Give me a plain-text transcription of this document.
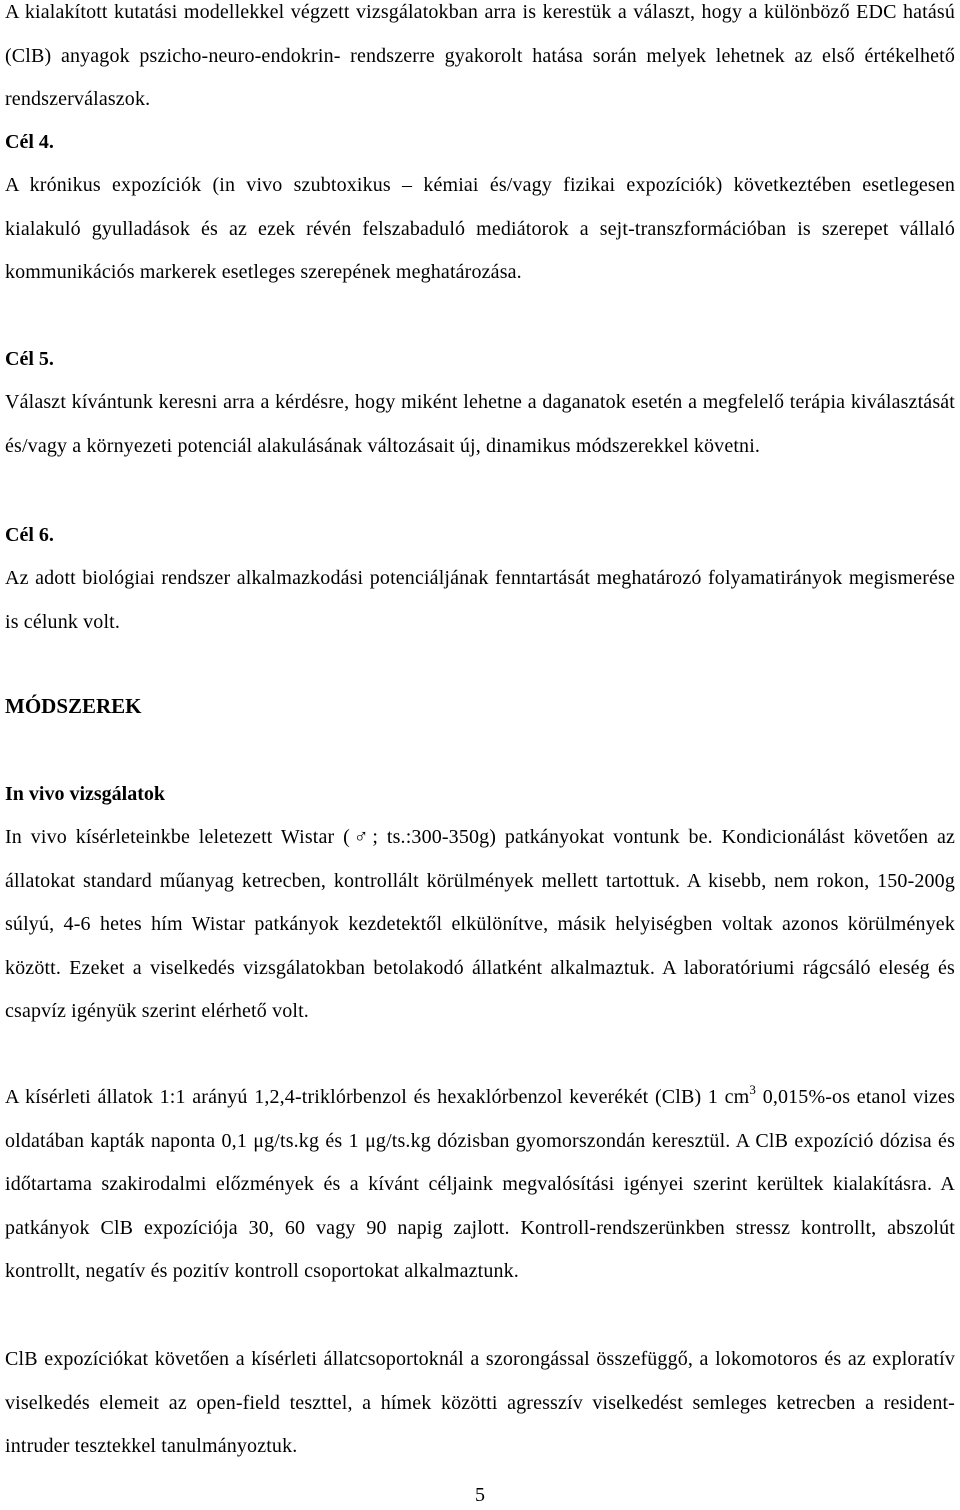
A kialakított kutatási modellekkel végzett vizsgálatokban arra is kerestük a választ, hogy a különböző EDC hatású (ClB) anyagok pszicho-neuro-endokrin- rendszerre gyakorolt hatása során melyek lehetnek az első értékelhető rendszerválaszok.

Cél 4.

A krónikus expozíciók (in vivo szubtoxikus – kémiai és/vagy fizikai expozíciók) következtében esetlegesen kialakuló gyulladások és az ezek révén felszabaduló mediátorok a sejt-transzformációban is szerepet vállaló kommunikációs markerek esetleges szerepének meghatározása.

Cél 5.

Választ kívántunk keresni arra a kérdésre, hogy miként lehetne a daganatok esetén a megfelelő terápia kiválasztását és/vagy a környezeti potenciál alakulásának változásait új, dinamikus módszerekkel követni.

Cél 6.

Az adott biológiai rendszer alkalmazkodási potenciáljának fenntartását meghatározó folyamatirányok megismerése is célunk volt.

MÓDSZEREK
In vivo vizsgálatok

In vivo kísérleteinkbe leletezett Wistar (♂; ts.:300-350g) patkányokat vontunk be. Kondicionálást követően az állatokat standard műanyag ketrecben, kontrollált körülmények mellett tartottuk. A kisebb, nem rokon, 150-200g súlyú, 4-6 hetes hím Wistar patkányok kezdetektől elkülönítve, másik helyiségben voltak azonos körülmények között. Ezeket a viselkedés vizsgálatokban betolakodó állatként alkalmaztuk. A laboratóriumi rágcsáló eleség és csapvíz igényük szerint elérhető volt.

A kísérleti állatok 1:1 arányú 1,2,4-triklórbenzol és hexaklórbenzol keverékét (ClB) 1 $cm^3$ 0,015%-os etanol vizes oldatában kapták naponta 0,1 μg/ts.kg és 1 μg/ts.kg dózisban gyomorszondán keresztül. A ClB expozíció dózisa és időtartama szakirodalmi előzmények és a kívánt céljaink megvalósítási igényei szerint kerültek kialakításra. A patkányok ClB expozíciója 30, 60 vagy 90 napig zajlott. Kontroll-rendszerünkben stressz kontrollt, abszolút kontrollt, negatív és pozitív kontroll csoportokat alkalmaztunk.

ClB expozíciókat követően a kísérleti állatcsoportoknál a szorongással összefüggő, a lokomotoros és az exploratív viselkedés elemeit az open-field teszttel, a hímek közötti agresszív viselkedést semleges ketrecben a resident-intruder tesztekkel tanulmányoztuk.

5
